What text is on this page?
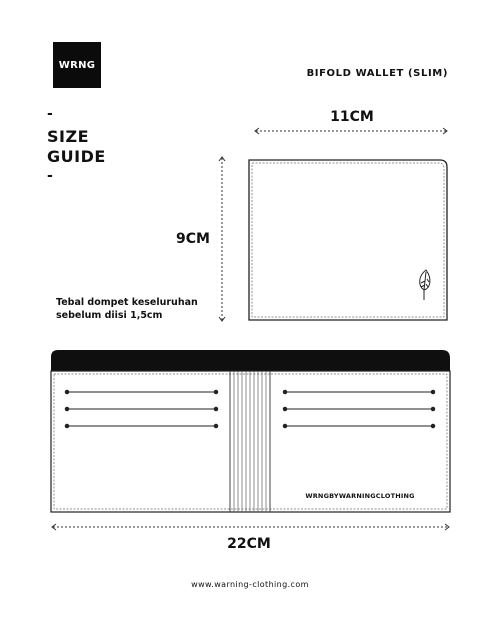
WRNG
BIFOLD WALLET (SLIM)
-
SIZE
GUIDE
-
11CM
9CM
Tebal dompet keseluruhan
sebelum diisi 1,5cm
WRNGBYWARNINGCLOTHING
22CM
www.warning-clothing.com
